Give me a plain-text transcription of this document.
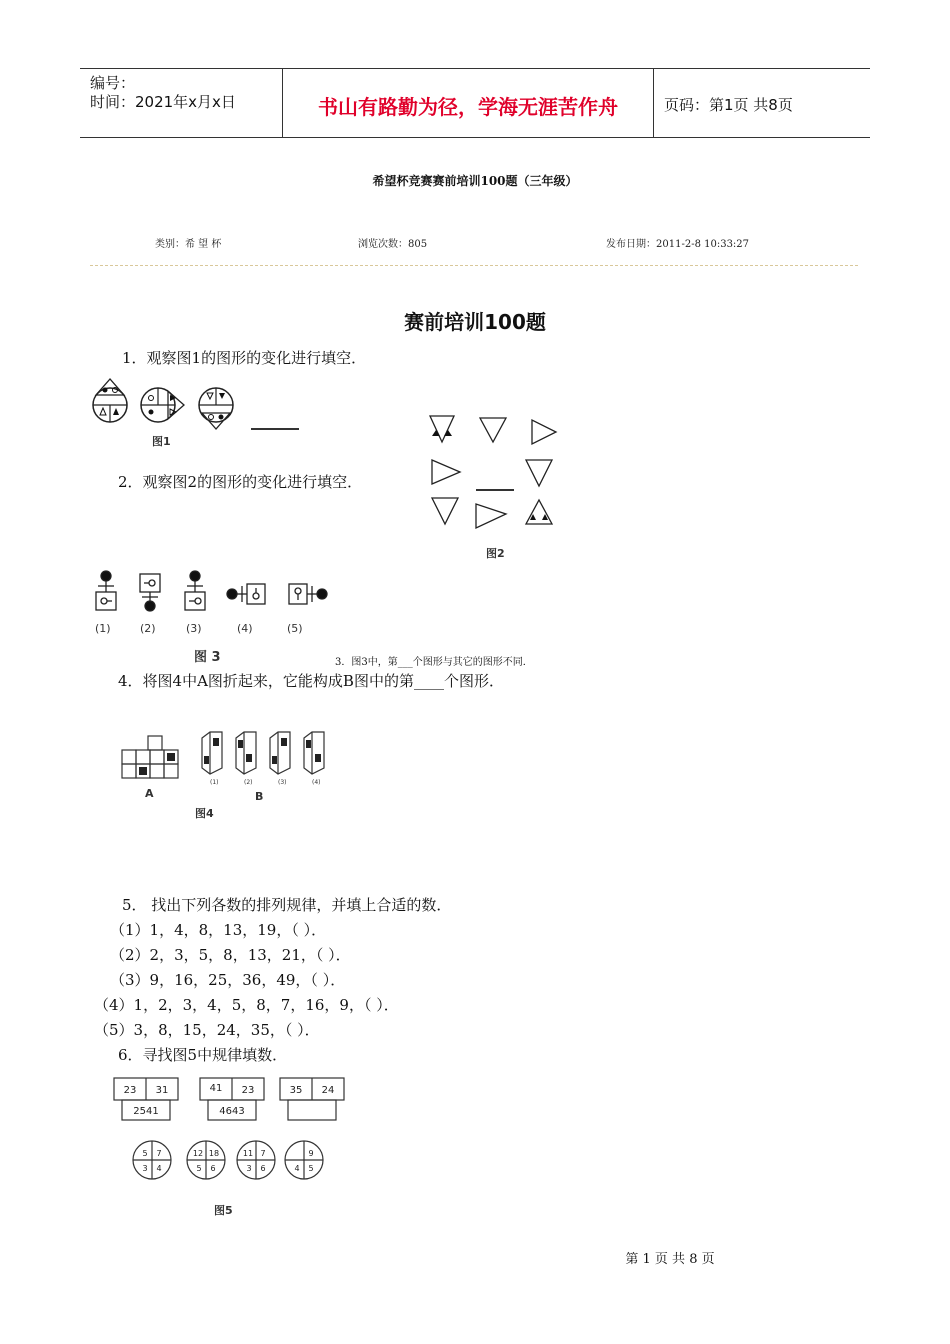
编号：
时间：2021年x月x日	书山有路勤为径，学海无涯苦作舟	页码：第1页 共8页
希望杯竞赛赛前培训100题（三年级）
类别：希 望 杯	浏览次数：805	发布日期：2011-2-8 10:33:27
赛前培训100题
1．观察图1的图形的变化进行填空．
图1
2．观察图2的图形的变化进行填空．
图2
(1)	(2)	(3)	(4)	(5)
图 3	3．图3中，第___个图形与其它的图形不同．
4．将图4中A图折起来，它能构成B图中的第____个图形．
(1)	(2)	(3)	(4)
A	B
图4
5． 找出下列各数的排列规律，并填上合适的数．
（1）1，4，8，13，19，（ ）．
（2）2，3，5，8，13，21，（ ）．
（3）9，16，25，36，49，（ ）．
（4）1，2，3，4，5，8，7，16，9，（ ）．
（5）3，8，15，24，35，（ ）．
6．寻找图5中规律填数．
23 31
2541
41 23
4643
35 24
5 7
3 4
12 18
5 6
11 7
3 6
9
4 5
图5
第 1 页 共 8 页
